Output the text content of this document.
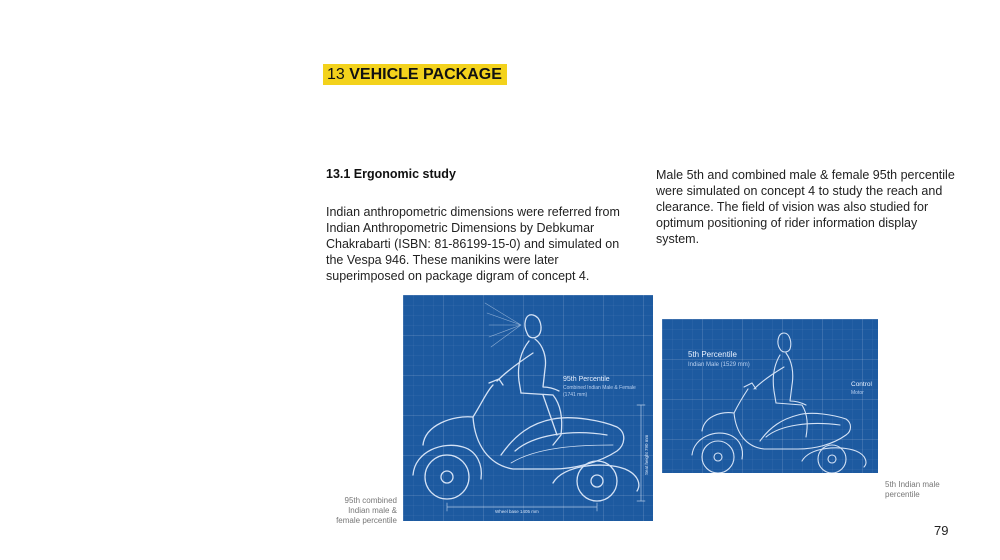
13 VEHICLE PACKAGE
13.1 Ergonomic study
Indian anthropometric dimensions were referred from Indian Anthropometric Dimensions by Debkumar Chakrabarti (ISBN: 81-86199-15-0) and simulated on the Vespa 946. These manikins were later superimposed on package digram of concept 4.
Male 5th and combined male & female 95th percentile were simulated on concept 4 to study the reach and clearance. The field of vision was also studied for optimum positioning of rider information display system.
95th Percentile
Combined Indian Male & Female
(1741 mm)
Wheel base 1405 mm
Seat height 790 mm
5th Percentile
Indian Male (1529 mm)
Control
Motor
95th combined Indian male & female percentile
5th Indian male percentile
79
